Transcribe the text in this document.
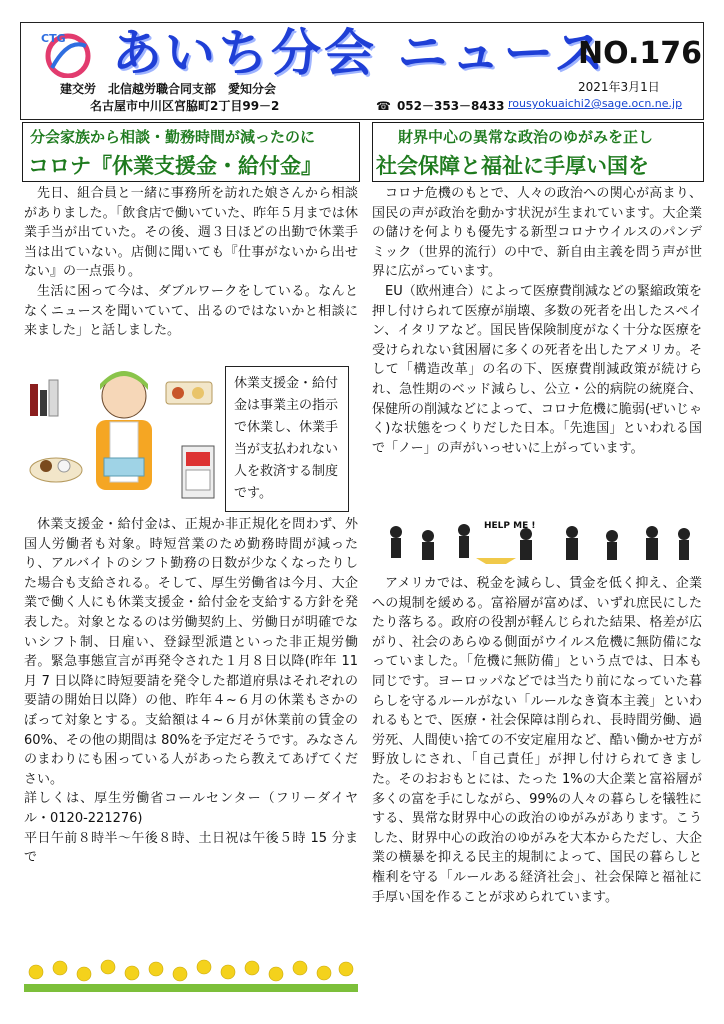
CTG あいち分会 ニュース
NO.176
2021年3月1日
建交労　北信越労職合同支部　愛知分会
名古屋市中川区宮脇町2丁目99－2	☎ 052－353－8433 rousyokuaichi2@sage.ocn.ne.jp
分会家族から相談・勤務時間が減ったのに
コロナ『休業支援金・給付金』
財界中心の異常な政治のゆがみを正し
社会保障と福祉に手厚い国を

先日、組合員と一緒に事務所を訪れた娘さんから相談がありました。「飲食店で働いていた、昨年５月までは休業手当が出ていた。その後、週３日ほどの出勤で休業手当は出ていない。店側に聞いても『仕事がないから出せない』の一点張り。

生活に困って今は、ダブルワークをしている。なんとなくニュースを聞いていて、出るのではないかと相談に来ました」と話しました。

休業支援金・給付金は事業主の指示で休業し、休業手当が支払われない人を救済する制度です。

休業支援金・給付金は、正規か非正規化を問わず、外国人労働者も対象。時短営業のため勤務時間が減ったり、アルバイトのシフト勤務の日数が少なくなったりした場合も支給される。そして、厚生労働省は今月、大企業で働く人にも休業支援金・給付金を支給する方針を発表した。対象となるのは労働契約上、労働日が明確でないシフト制、日雇い、登録型派遣といった非正規労働者。緊急事態宣言が再発令された１月８日以降(昨年 11 月 7 日以降に時短要請を発令した都道府県はそれぞれの要請の開始日以降）の他、昨年４~６月の休業もさかのぼって対象とする。支給額は４~６月が休業前の賃金の 60%、その他の期間は 80%を予定だそうです。みなさんのまわりにも困っている人があったら教えてあげてください。

詳しくは、厚生労働省コールセンター（フリーダイヤル・0120-221276)

平日午前８時半～午後８時、土日祝は午後５時 15 分まで

コロナ危機のもとで、人々の政治への関心が高まり、国民の声が政治を動かす状況が生まれています。大企業の儲けを何よりも優先する新型コロナウイルスのパンデミック（世界的流行）の中で、新自由主義を問う声が世界に広がっています。

EU（欧州連合）によって医療費削減などの緊縮政策を押し付けられて医療が崩壊、多数の死者を出したスペイン、イタリアなど。国民皆保険制度がなく十分な医療を受けられない貧困層に多くの死者を出したアメリカ。そして「構造改革」の名の下、医療費削減政策が続けられ、急性期のベッド減らし、公立・公的病院の統廃合、保健所の削減などによって、コロナ危機に脆弱(ぜいじゃく)な状態をつくりだした日本。「先進国」といわれる国で「ノー」の声がいっせいに上がっています。

HELP ME !

アメリカでは、税金を減らし、賃金を低く抑え、企業への規制を緩める。富裕層が富めば、いずれ庶民にしたたり落ちる。政府の役割が軽んじられた結果、格差が広がり、社会のあらゆる側面がウイルス危機に無防備になっていました。「危機に無防備」という点では、日本も同じです。ヨーロッパなどでは当たり前になっていた暮らしを守るルールがない「ルールなき資本主義」といわれるもとで、医療・社会保障は削られ、長時間労働、過労死、人間使い捨ての不安定雇用など、酷い働かせ方が野放しにされ、「自己責任」が押し付けられてきました。そのおおもとには、たった 1%の大企業と富裕層が多くの富を手にしながら、99%の人々の暮らしを犠牲にする、異常な財界中心の政治のゆがみがあります。こうした、財界中心の政治のゆがみを大本からただし、大企業の横暴を抑える民主的規制によって、国民の暮らしと権利を守る「ルールある経済社会」、社会保障と福祉に手厚い国を作ることが求められています。
